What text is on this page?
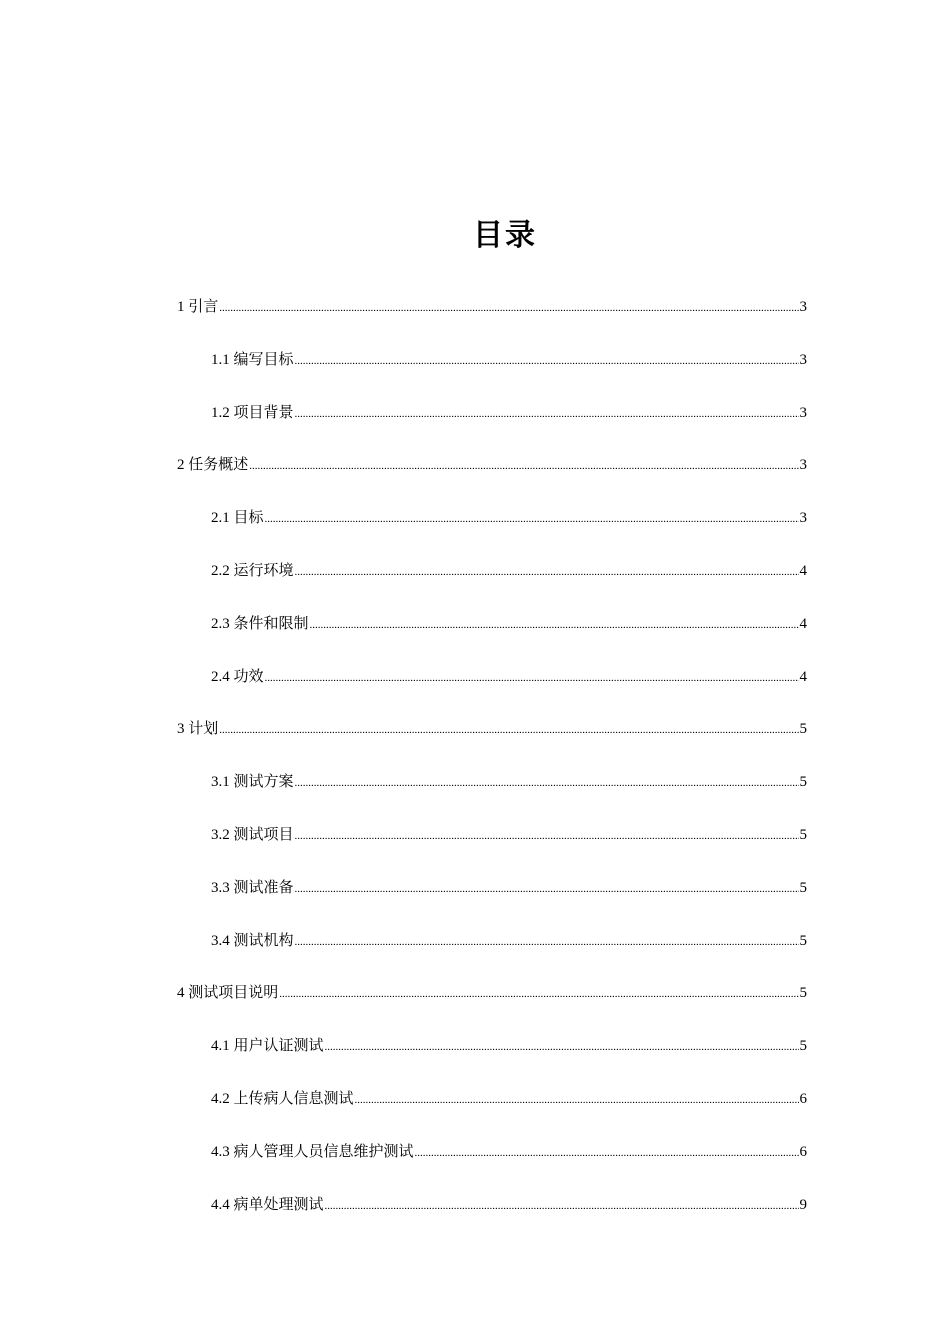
目录
1 引言 .....	3
1.1 编写目标 .....	3
1.2 项目背景 .....	3
2 任务概述 .....	3
2.1 目标 .....	3
2.2 运行环境 .....	4
2.3 条件和限制 .....	4
2.4 功效 .....	4
3 计划 .....	5
3.1 测试方案 .....	5
3.2 测试项目 .....	5
3.3 测试准备 .....	5
3.4 测试机构 .....	5
4 测试项目说明 .....	5
4.1 用户认证测试 .....	5
4.2 上传病人信息测试 .....	6
4.3 病人管理人员信息维护测试 .....	6
4.4 病单处理测试 .....	9
